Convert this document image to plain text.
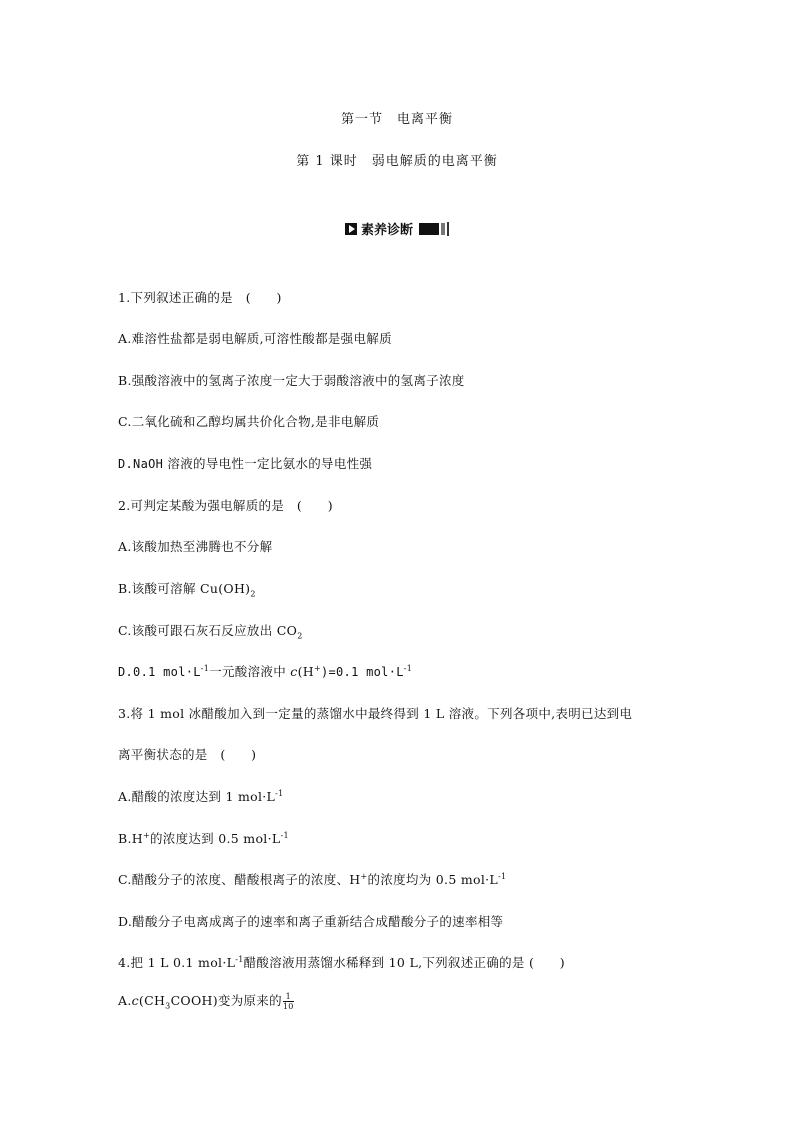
第一节　电离平衡
第 1 课时　弱电解质的电离平衡
素养诊断
1.下列叙述正确的是　(　　)
A.难溶性盐都是弱电解质,可溶性酸都是强电解质
B.强酸溶液中的氢离子浓度一定大于弱酸溶液中的氢离子浓度
C.二氧化硫和乙醇均属共价化合物,是非电解质
D.NaOH 溶液的导电性一定比氨水的导电性强
2.可判定某酸为强电解质的是　(　　)
A.该酸加热至沸腾也不分解
B.该酸可溶解 $Cu(OH)_2$
C.该酸可跟石灰石反应放出 $CO_2$
D.0.1 $mol\cdot L^{-1}$一元酸溶液中 c(H+)=0.1 $mol\cdot L^{-1}$
3.将 1 mol 冰醋酸加入到一定量的蒸馏水中最终得到 1 L 溶液。下列各项中,表明已达到电
离平衡状态的是　(　　)
A.醋酸的浓度达到 1 $mol\cdot L^{-1}$
B.H+的浓度达到 0.5 $mol\cdot L^{-1}$
C.醋酸分子的浓度、醋酸根离子的浓度、H+的浓度均为 0.5 $mol\cdot L^{-1}$
D.醋酸分子电离成离子的速率和离子重新结合成醋酸分子的速率相等
4.把 1 L 0.1 $mol\cdot L^{-1}$醋酸溶液用蒸馏水稀释到 10 L,下列叙述正确的是 (　　)
$A.c(CH_3COOH)$变为原来的 $\frac{1}{10}$
